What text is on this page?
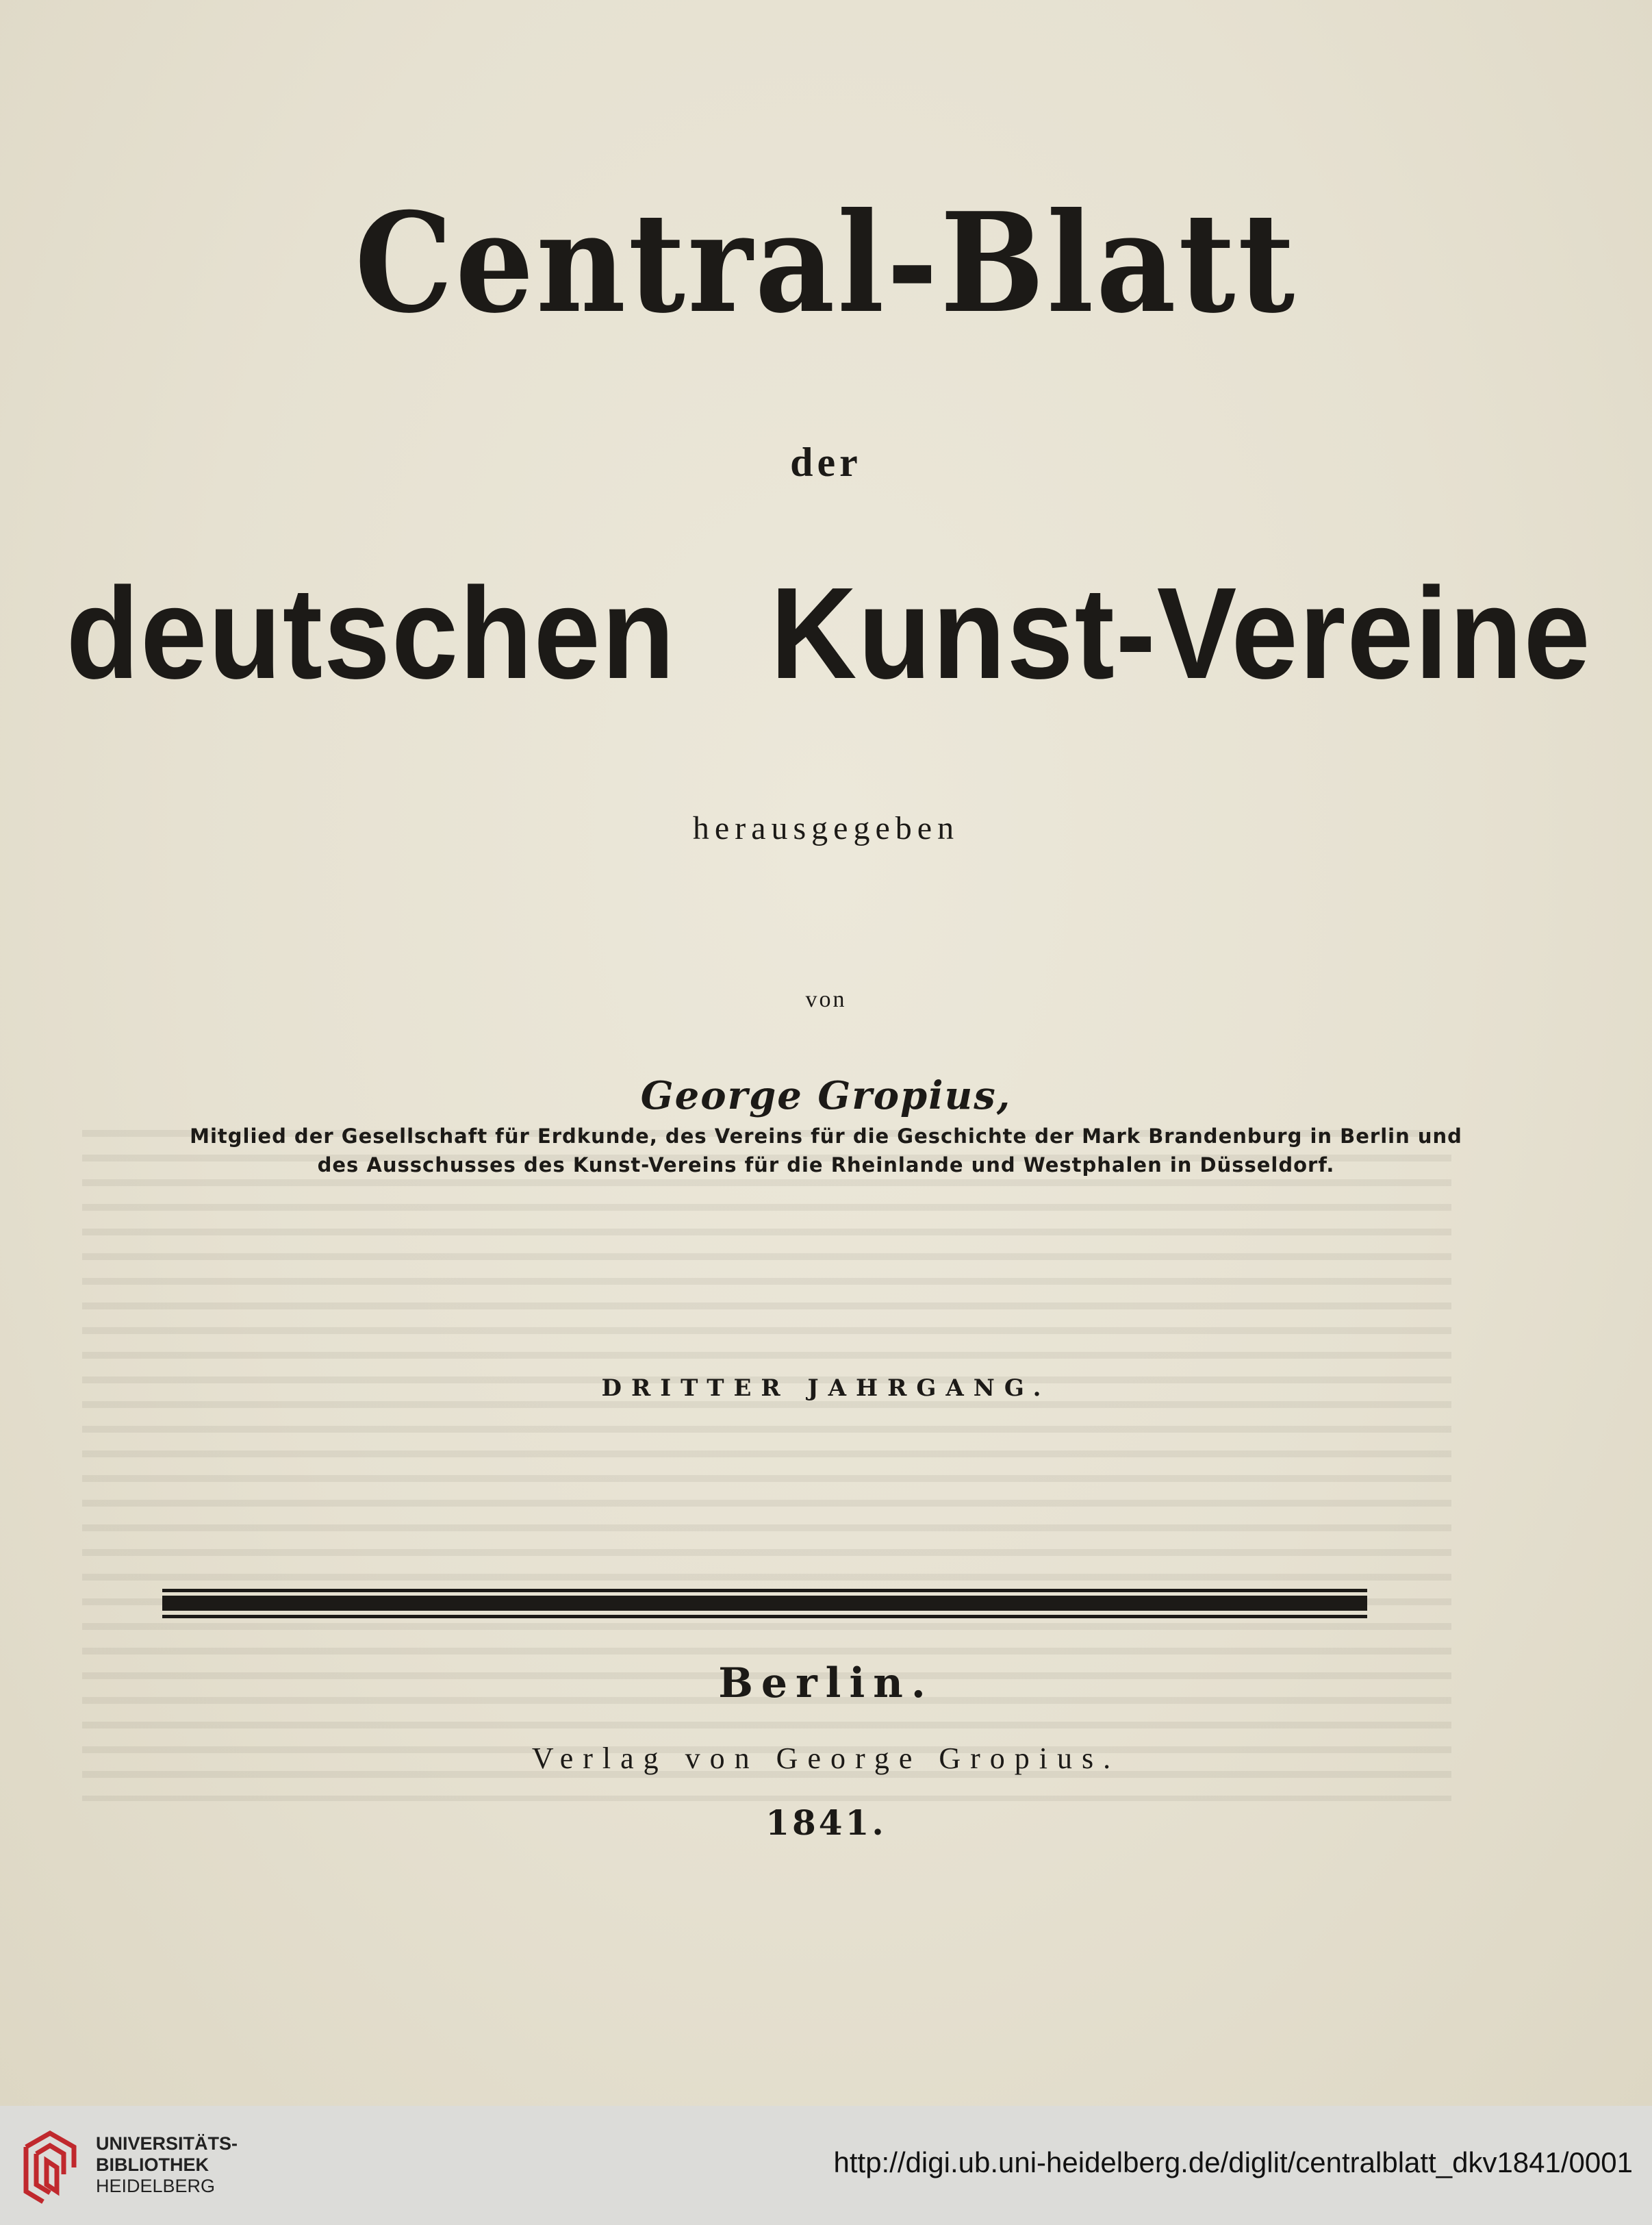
Central-Blatt

der

deutschen Kunst-Vereine

herausgegeben

von

George Gropius,

Mitglied der Gesellschaft für Erdkunde, des Vereins für die Geschichte der Mark Brandenburg in Berlin und

des Ausschusses des Kunst-Vereins für die Rheinlande und Westphalen in Düsseldorf.

DRITTER JAHRGANG.

Berlin.

Verlag von George Gropius.

1841.

UNIVERSITÄTS-
BIBLIOTHEK
HEIDELBERG

http://digi.ub.uni-heidelberg.de/diglit/centralblatt_dkv1841/0001
